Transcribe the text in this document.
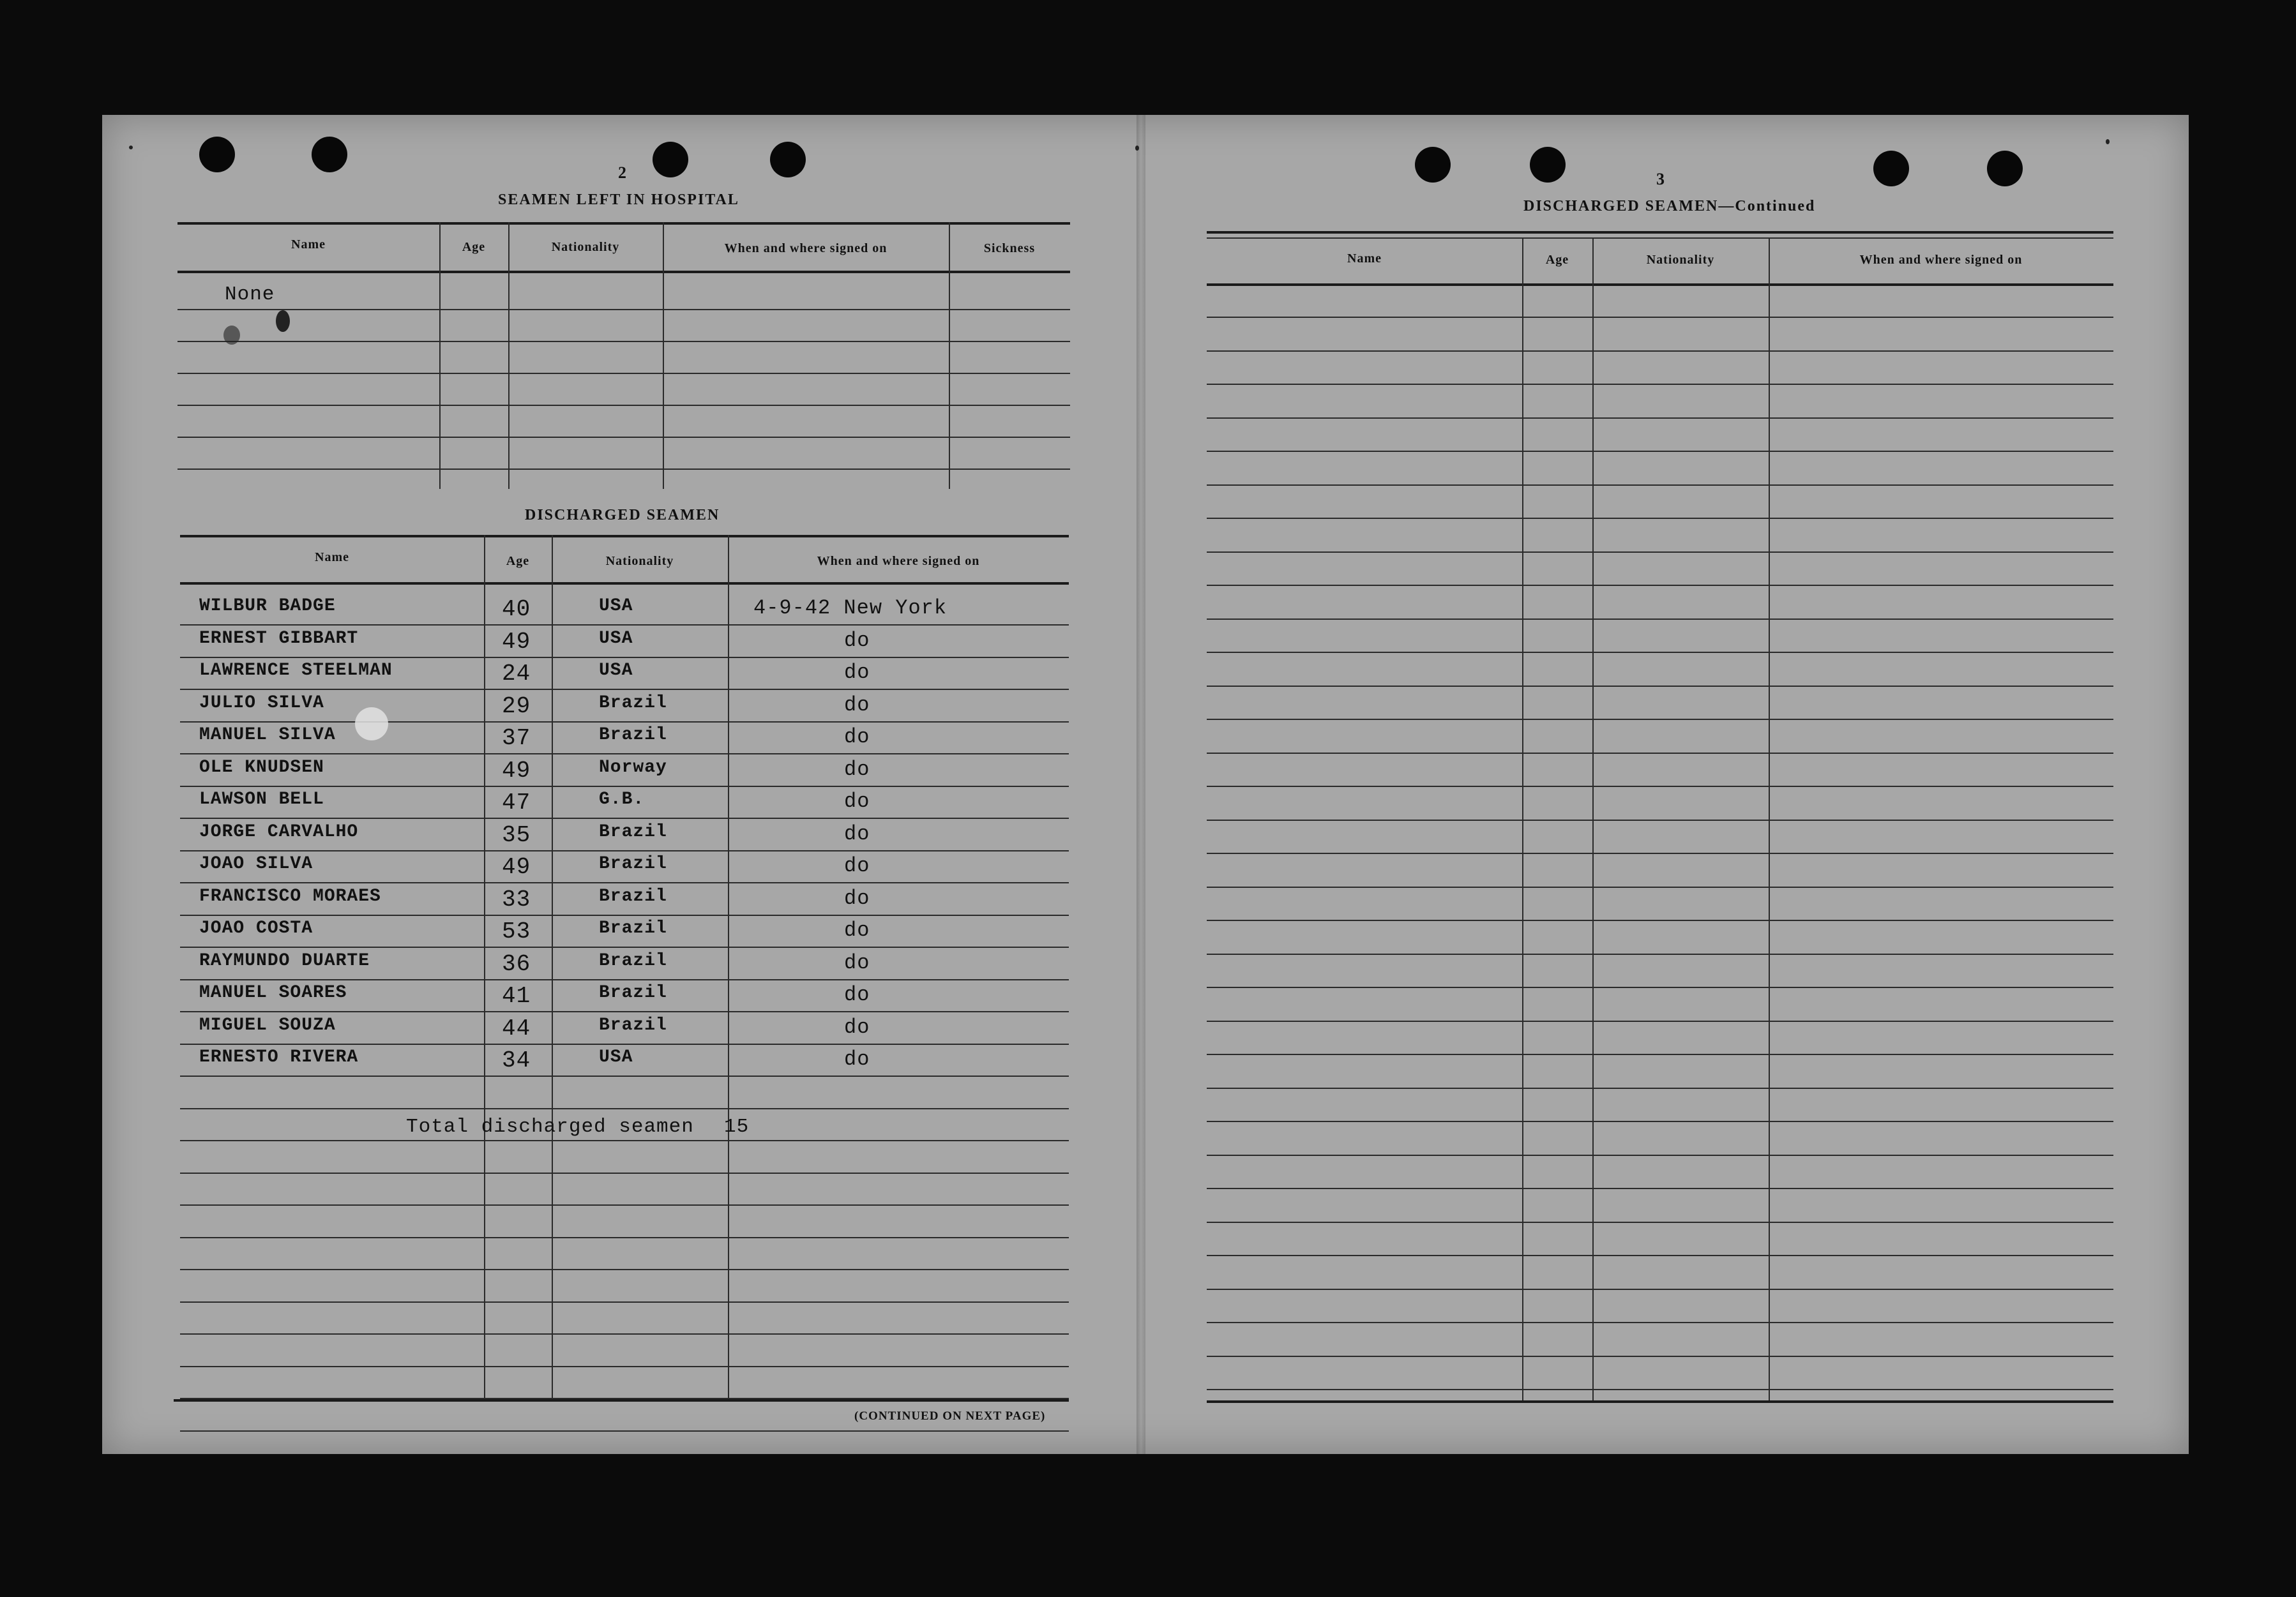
2
SEAMEN LEFT IN HOSPITAL
Name	Age	Nationality	When and where signed on	Sickness
None
DISCHARGED SEAMEN
Name	Age	Nationality	When and where signed on
WILBUR BADGE	40	USA	4-9-42 New York
ERNEST GIBBART	49	USA	do
LAWRENCE STEELMAN	24	USA	do
JULIO SILVA	29	Brazil	do
MANUEL SILVA	37	Brazil	do
OLE KNUDSEN	49	Norway	do
LAWSON BELL	47	G.B.	do
JORGE CARVALHO	35	Brazil	do
JOAO SILVA	49	Brazil	do
FRANCISCO MORAES	33	Brazil	do
JOAO COSTA	53	Brazil	do
RAYMUNDO DUARTE	36	Brazil	do
MANUEL SOARES	41	Brazil	do
MIGUEL SOUZA	44	Brazil	do
ERNESTO RIVERA	34	USA	do
Total discharged seamen 15
(CONTINUED ON NEXT PAGE)
3
DISCHARGED SEAMEN—Continued
Name	Age	Nationality	When and where signed on
